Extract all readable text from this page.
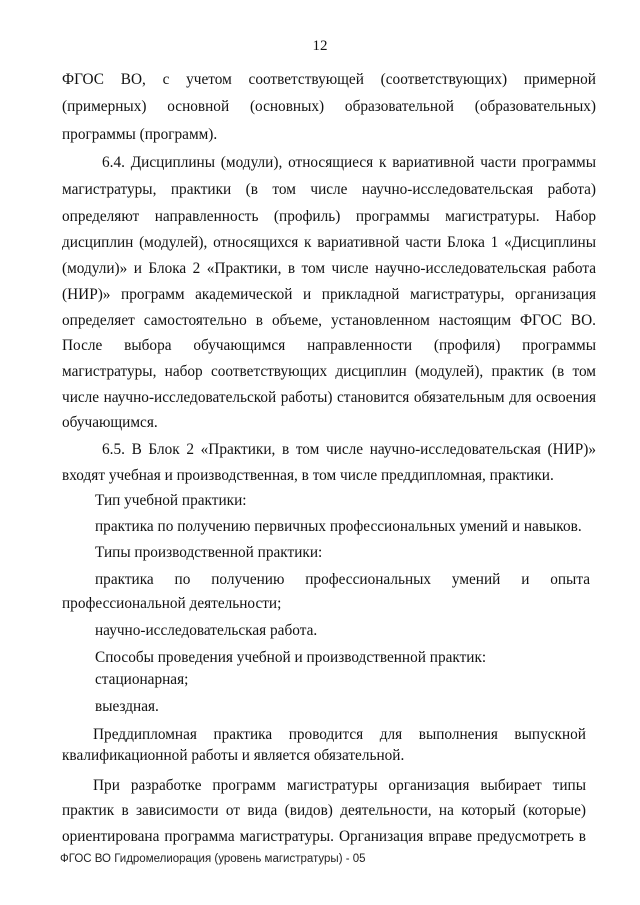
12
ФГОС ВО, с учетом соответствующей (соответствующих) примерной
(примерных) основной (основных) образовательной (образовательных)
программы (программ).
6.4. Дисциплины (модули), относящиеся к вариативной части программы
магистратуры, практики (в том числе научно-исследовательская работа)
определяют направленность (профиль) программы магистратуры. Набор
дисциплин (модулей), относящихся к вариативной части Блока 1 «Дисциплины
(модули)» и Блока 2 «Практики, в том числе научно-исследовательская работа
(НИР)» программ академической и прикладной магистратуры, организация
определяет самостоятельно в объеме, установленном настоящим ФГОС ВО.
После выбора обучающимся направленности (профиля) программы
магистратуры, набор соответствующих дисциплин (модулей), практик (в том
числе научно-исследовательской работы) становится обязательным для освоения
обучающимся.
6.5. В Блок 2 «Практики, в том числе научно-исследовательская (НИР)»
входят учебная и производственная, в том числе преддипломная, практики.
Тип учебной практики:
практика по получению первичных профессиональных умений и навыков.
Типы производственной практики:
практика по получению профессиональных умений и опыта
профессиональной деятельности;
научно-исследовательская работа.
Способы проведения учебной и производственной практик:
стационарная;
выездная.
Преддипломная практика проводится для выполнения выпускной
квалификационной работы и является обязательной.
При разработке программ магистратуры организация выбирает типы
практик в зависимости от вида (видов) деятельности, на который (которые)
ориентирована программа магистратуры. Организация вправе предусмотреть в
ФГОС ВО Гидромелиорация (уровень магистратуры) - 05
